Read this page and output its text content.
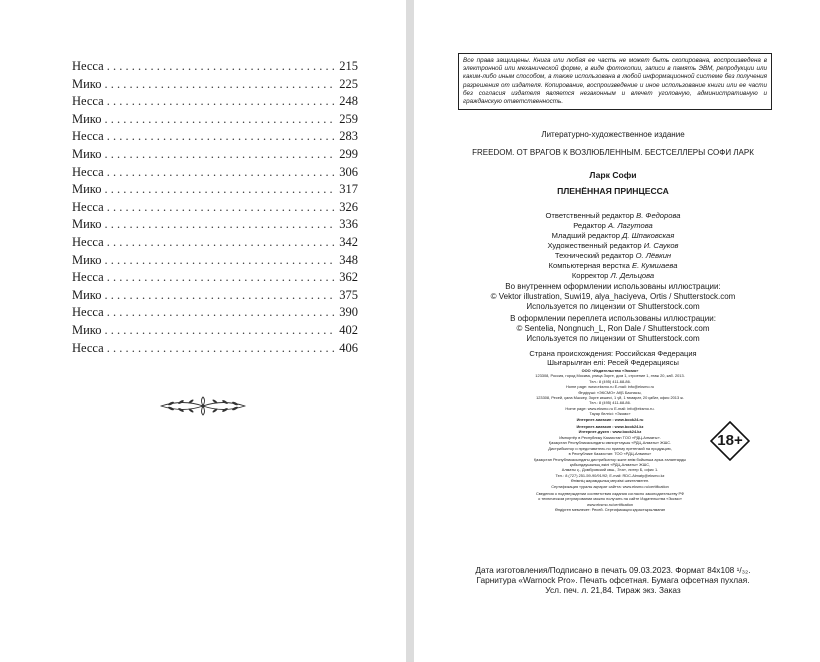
Несса . . .	215
Мико . . .	225
Несса . . .	248
Мико . . .	259
Несса . . .	283
Мико . . .	299
Несса . . .	306
Мико . . .	317
Несса . . .	326
Мико . . .	336
Несса . . .	342
Мико . . .	348
Несса . . .	362
Мико . . .	375
Несса . . .	390
Мико . . .	402
Несса . . .	406
Все права защищены. Книга или любая ее часть не может быть скопирована, воспроизведена в электронной или механической форме, в виде фотокопии, записи в память ЭВМ, репродукции или каким-либо иным способом, а также использована в любой информационной системе без получения разрешения от издателя. Копирование, воспроизведение и иное использование книги или ее части без согласия издателя является незаконным и влечет уголовную, административную и гражданскую ответственность.
Литературно-художественное издание
FREEDOM. ОТ ВРАГОВ К ВОЗЛЮБЛЕННЫМ. БЕСТСЕЛЛЕРЫ СОФИ ЛАРК
Ларк Софи
ПЛЕНЁННАЯ ПРИНЦЕССА
Ответственный редактор В. Федорова
Редактор А. Лагутова
Младший редактор Д. Шпаковская
Художественный редактор И. Сауков
Технический редактор О. Лёвкин
Компьютерная верстка Е. Кумшаева
Корректор Л. Дельцова
Во внутреннем оформлении использованы иллюстрации:
© Vektor illustration, Suwi19, alya_haciyeva, Ortis / Shutterstock.com
Используется по лицензии от Shutterstock.com
В оформлении переплета использованы иллюстрации:
© Sentelia, Nongnuch_L, Ron Dale / Shutterstock.com
Используется по лицензии от Shutterstock.com
Страна происхождения: Российская Федерация
Шығарылған елі: Ресей Федерациясы
ООО «Издательство «Эксмо»
123308, Россия, город Москва, улица Зорге, дом 1, строение 1, этаж 20, каб. 2013.
Тел.: 8 (495) 411-68-86.
Home page: www.eksmo.ru E-mail: info@eksmo.ru
Өндіруші: «ЭКСМО» АҚБ Баспасы,
123308, Ресей, қала Мәскеу, Зорге көшесі, 1 үй, 1 ғимарат, 20 қабат, офис 2013 ж.
Тел.: 8 (495) 411-68-86.
Home page: www.eksmo.ru E-mail: info@eksmo.ru.
Тауар белгісі: «Эксмо»
Интернет-магазин : www.book24.ru
Интернет-магазин : www.book24.kz
Интернет-дүкен : www.book24.kz
Импортёр в Республику Казахстан ТОО «РДЦ-Алматы».
Қазақстан Республикасындағы импорттаушы «РДЦ-Алматы» ЖШС.
Дистрибьютор и представитель по приему претензий на продукцию,
в Республике Казахстан: ТОО «РДЦ-Алматы»
Қазақстан Республикасындағы дистрибьютор және өнім бойынша арыз-талаптарды
қабылдаушының өкілі «РДЦ-Алматы» ЖШС,
Алматы қ., Домбровский көш., 3«а», литер Б, офис 1.
Тел.: 8 (727) 251-59-90/91/92; E-mail: RDC-Almaty@eksmo.kz
Өнімнің жарамдылық мерзімі шектелмеген.
Сертификация туралы ақпарат сайтта: www.eksmo.ru/certification
Сведения о подтверждении соответствия издания согласно законодательству РФ
о техническом регулировании можно получить на сайте Издательства «Эксмо»
www.eksmo.ru/certification
Өндірген мемлекет: Ресей. Сертификация қарастырылмаған
18+
Дата изготовления/Подписано в печать 09.03.2023. Формат 84x108 ¹/₃₂.
Гарнитура «Warnock Pro». Печать офсетная. Бумага офсетная пухлая.
Усл. печ. л. 21,84. Тираж экз. Заказ
